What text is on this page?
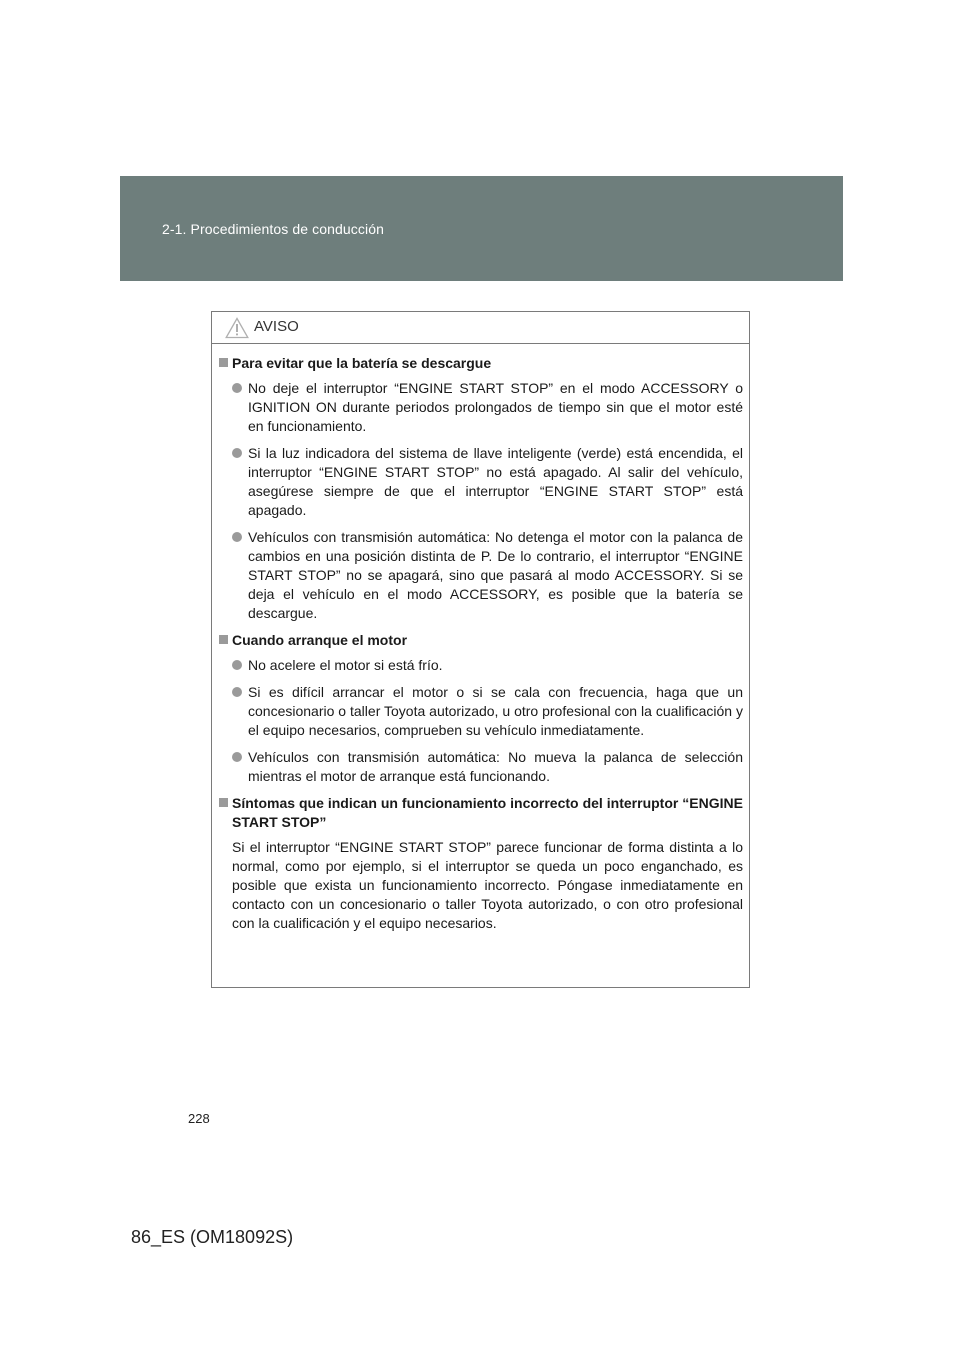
2-1. Procedimientos de conducción
AVISO
Para evitar que la batería se descargue
No deje el interruptor “ENGINE START STOP” en el modo ACCESSORY o IGNITION ON durante periodos prolongados de tiempo sin que el motor esté en funcionamiento.
Si la luz indicadora del sistema de llave inteligente (verde) está encendida, el interruptor “ENGINE START STOP” no está apagado. Al salir del vehículo, asegúrese siempre de que el interruptor “ENGINE START STOP” está apagado.
Vehículos con transmisión automática: No detenga el motor con la palanca de cambios en una posición distinta de P. De lo contrario, el interruptor “ENGINE START STOP” no se apagará, sino que pasará al modo ACCESSORY. Si se deja el vehículo en el modo ACCESSORY, es posible que la batería se descargue.
Cuando arranque el motor
No acelere el motor si está frío.
Si es difícil arrancar el motor o si se cala con frecuencia, haga que un concesionario o taller Toyota autorizado, u otro profesional con la cualificación y el equipo necesarios, comprueben su vehículo inmediatamente.
Vehículos con transmisión automática: No mueva la palanca de selección mientras el motor de arranque está funcionando.
Síntomas que indican un funcionamiento incorrecto del interruptor “ENGINE START STOP”
Si el interruptor “ENGINE START STOP” parece funcionar de forma distinta a lo normal, como por ejemplo, si el interruptor se queda un poco enganchado, es posible que exista un funcionamiento incorrecto. Póngase inmediatamente en contacto con un concesionario o taller Toyota autorizado, o con otro profesional con la cualificación y el equipo necesarios.
228
86_ES (OM18092S)
